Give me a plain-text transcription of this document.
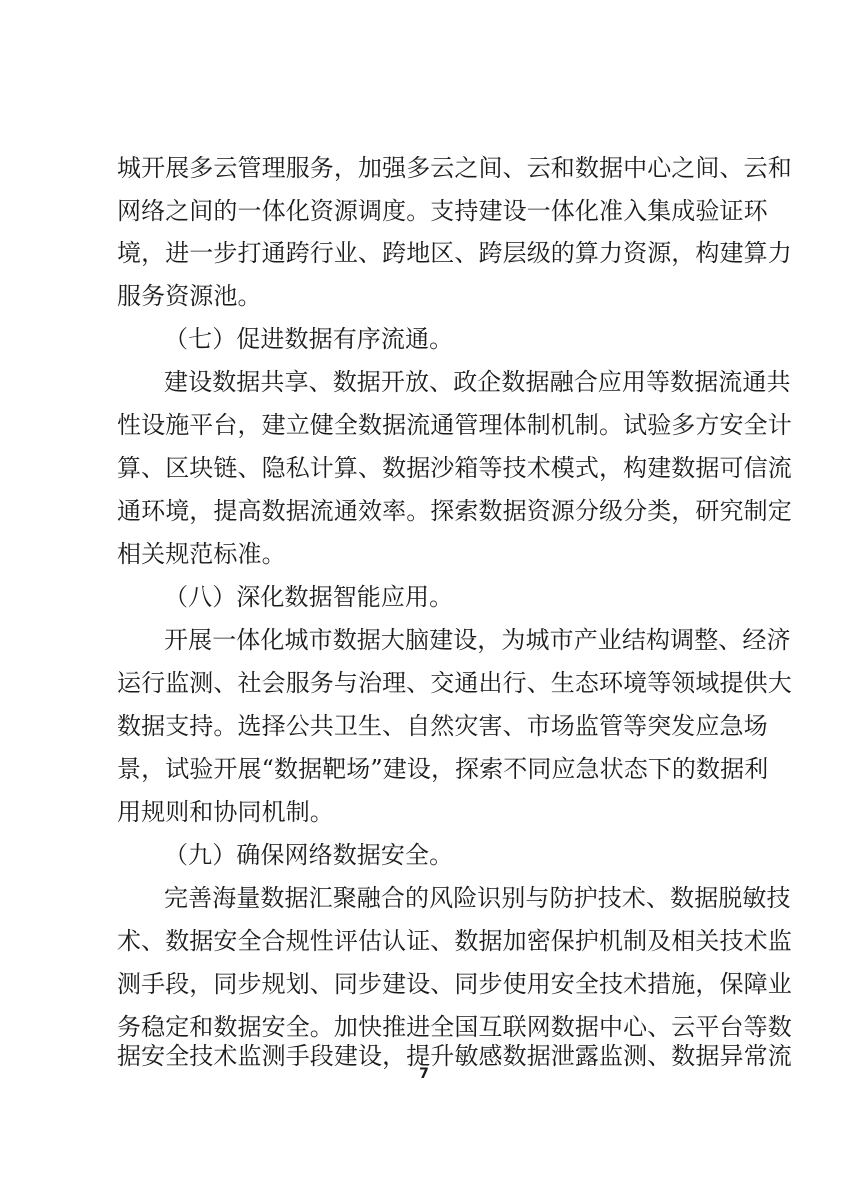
城开展多云管理服务，加强多云之间、云和数据中心之间、云和
网络之间的一体化资源调度。支持建设一体化准入集成验证环
境，进一步打通跨行业、跨地区、跨层级的算力资源，构建算力
服务资源池。
（七）促进数据有序流通。
建设数据共享、数据开放、政企数据融合应用等数据流通共
性设施平台，建立健全数据流通管理体制机制。试验多方安全计
算、区块链、隐私计算、数据沙箱等技术模式，构建数据可信流
通环境，提高数据流通效率。探索数据资源分级分类，研究制定
相关规范标准。
（八）深化数据智能应用。
开展一体化城市数据大脑建设，为城市产业结构调整、经济
运行监测、社会服务与治理、交通出行、生态环境等领域提供大
数据支持。选择公共卫生、自然灾害、市场监管等突发应急场
景，试验开展“数据靶场”建设，探索不同应急状态下的数据利
用规则和协同机制。
（九）确保网络数据安全。
完善海量数据汇聚融合的风险识别与防护技术、数据脱敏技
术、数据安全合规性评估认证、数据加密保护机制及相关技术监
测手段，同步规划、同步建设、同步使用安全技术措施，保障业
务稳定和数据安全。加快推进全国互联网数据中心、云平台等数
据安全技术监测手段建设，提升敏感数据泄露监测、数据异常流
7
